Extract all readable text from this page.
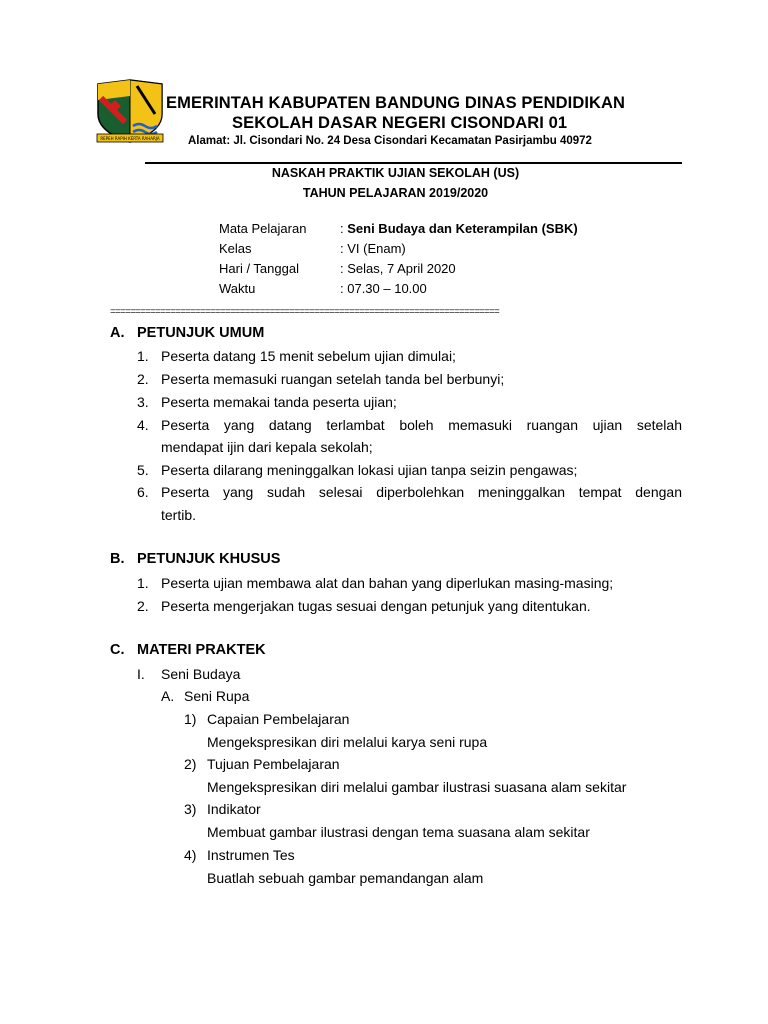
REPEH RAPIH KERTA RAHARJA
EMERINTAH KABUPATEN BANDUNG DINAS PENDIDIKAN
SEKOLAH DASAR NEGERI CISONDARI 01
Alamat: Jl. Cisondari No. 24 Desa Cisondari Kecamatan Pasirjambu 40972
NASKAH PRAKTIK UJIAN SEKOLAH (US)
TAHUN PELAJARAN 2019/2020
Mata Pelajaran	: Seni Budaya dan Keterampilan (SBK)
Kelas	: VI (Enam)
Hari / Tanggal	: Selas, 7 April 2020
Waktu	: 07.30 – 10.00
==============================================================================
A. PETUNJUK UMUM
1. Peserta datang 15 menit sebelum ujian dimulai;
2. Peserta memasuki ruangan setelah tanda bel berbunyi;
3. Peserta memakai tanda peserta ujian;
4. Peserta yang datang terlambat boleh memasuki ruangan ujian setelah
mendapat ijin dari kepala sekolah;
5. Peserta dilarang meninggalkan lokasi ujian tanpa seizin pengawas;
6. Peserta yang sudah selesai diperbolehkan meninggalkan tempat dengan
tertib.
B. PETUNJUK KHUSUS
1. Peserta ujian membawa alat dan bahan yang diperlukan masing-masing;
2. Peserta mengerjakan tugas sesuai dengan petunjuk yang ditentukan.
C. MATERI PRAKTEK
I. Seni Budaya
A. Seni Rupa
1) Capaian Pembelajaran
Mengekspresikan diri melalui karya seni rupa
2) Tujuan Pembelajaran
Mengekspresikan diri melalui gambar ilustrasi suasana alam sekitar
3) Indikator
Membuat gambar ilustrasi dengan tema suasana alam sekitar
4) Instrumen Tes
Buatlah sebuah gambar pemandangan alam
